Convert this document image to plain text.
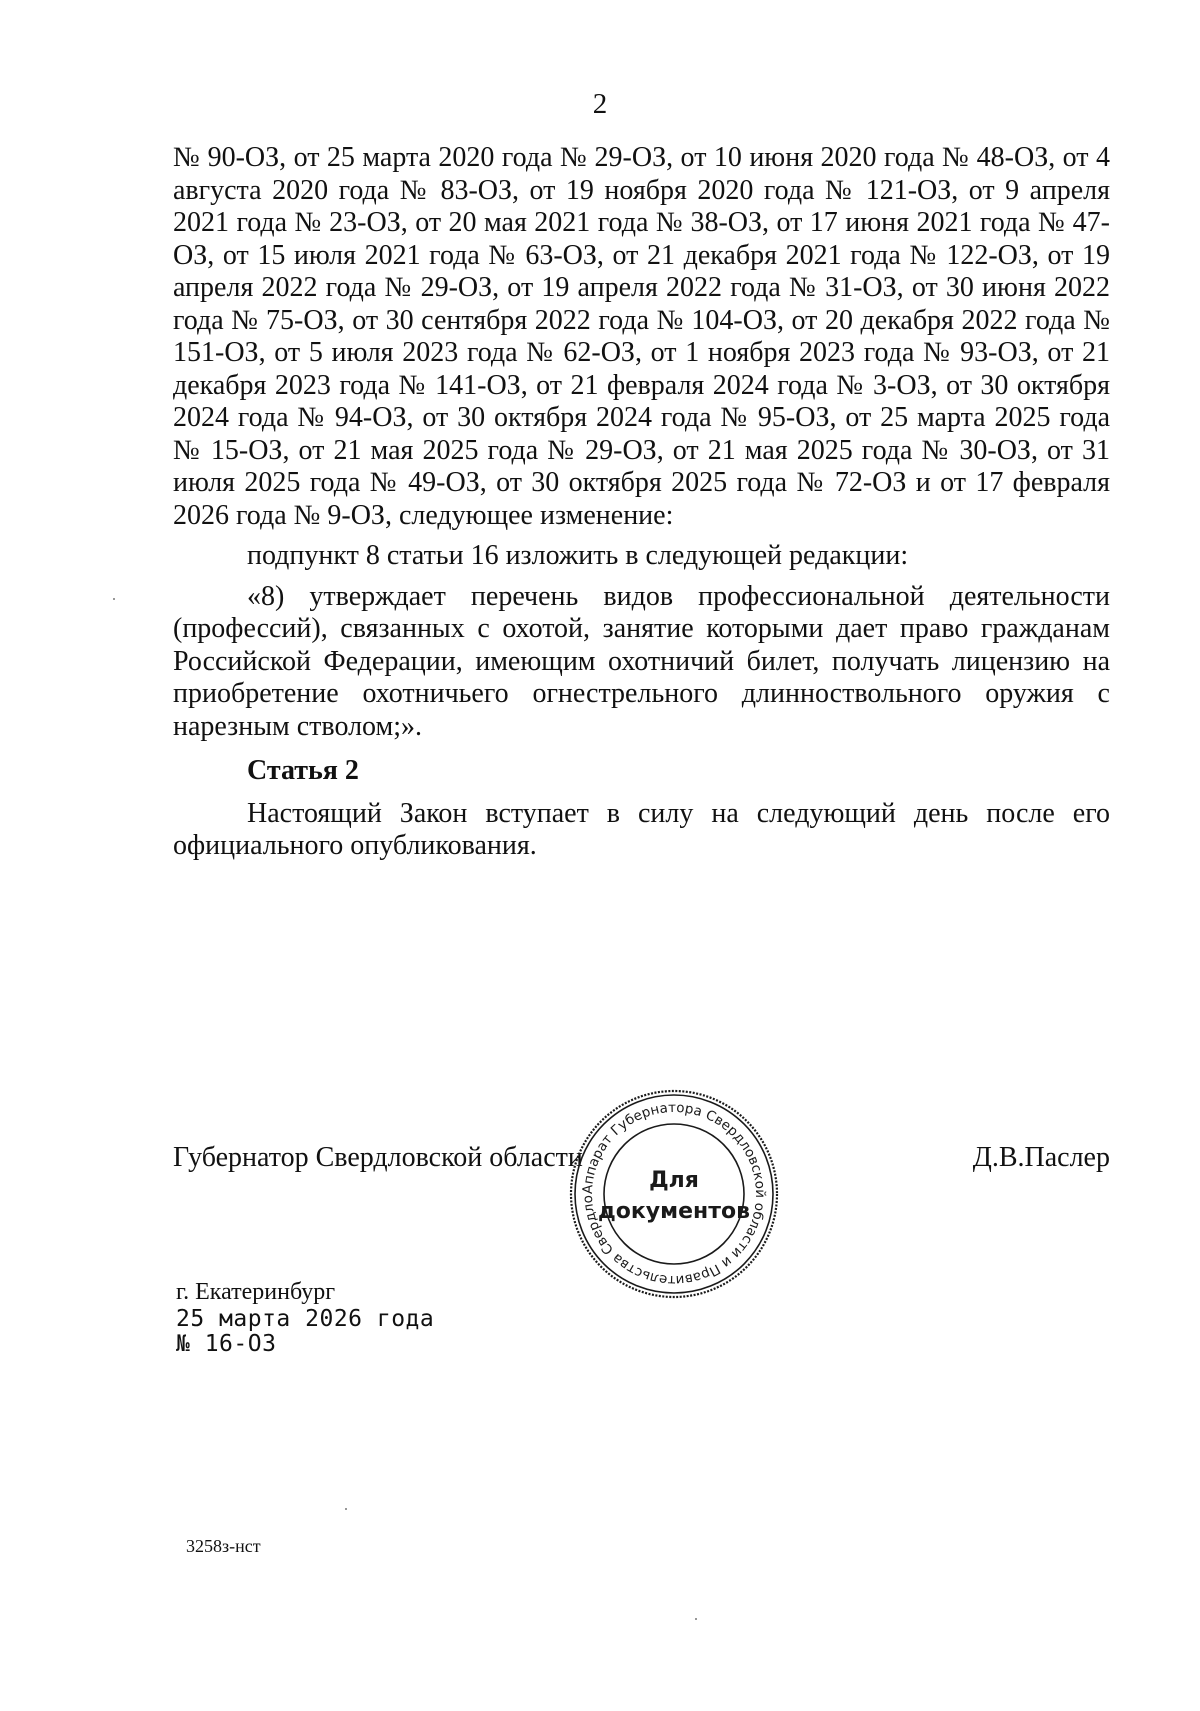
2

№ 90-ОЗ, от 25 марта 2020 года № 29-ОЗ, от 10 июня 2020 года № 48-ОЗ, от 4 августа 2020 года № 83-ОЗ, от 19 ноября 2020 года № 121-ОЗ, от 9 апреля 2021 года № 23-ОЗ, от 20 мая 2021 года № 38-ОЗ, от 17 июня 2021 года № 47-ОЗ, от 15 июля 2021 года № 63-ОЗ, от 21 декабря 2021 года № 122-ОЗ, от 19 апреля 2022 года № 29-ОЗ, от 19 апреля 2022 года № 31-ОЗ, от 30 июня 2022 года № 75-ОЗ, от 30 сентября 2022 года № 104-ОЗ, от 20 декабря 2022 года № 151-ОЗ, от 5 июля 2023 года № 62-ОЗ, от 1 ноября 2023 года № 93-ОЗ, от 21 декабря 2023 года № 141-ОЗ, от 21 февраля 2024 года № 3-ОЗ, от 30 октября 2024 года № 94-ОЗ, от 30 октября 2024 года № 95-ОЗ, от 25 марта 2025 года № 15-ОЗ, от 21 мая 2025 года № 29-ОЗ, от 21 мая 2025 года № 30-ОЗ, от 31 июля 2025 года № 49-ОЗ, от 30 октября 2025 года № 72-ОЗ и от 17 февраля 2026 года № 9-ОЗ, следующее изменение:

подпункт 8 статьи 16 изложить в следующей редакции:

«8) утверждает перечень видов профессиональной деятельности (профессий), связанных с охотой, занятие которыми дает право гражданам Российской Федерации, имеющим охотничий билет, получать лицензию на приобретение охотничьего огнестрельного длинноствольного оружия с нарезным стволом;».

Статья 2

Настоящий Закон вступает в силу на следующий день после его официального опубликования.

Губернатор Свердловской области	Д.В.Паслер
Аппарат Губернатора Свердловской области и Правительства Свердло
Для
документов
г. Екатеринбург
25 марта 2026 года
№ 16-ОЗ
3258з-нст
